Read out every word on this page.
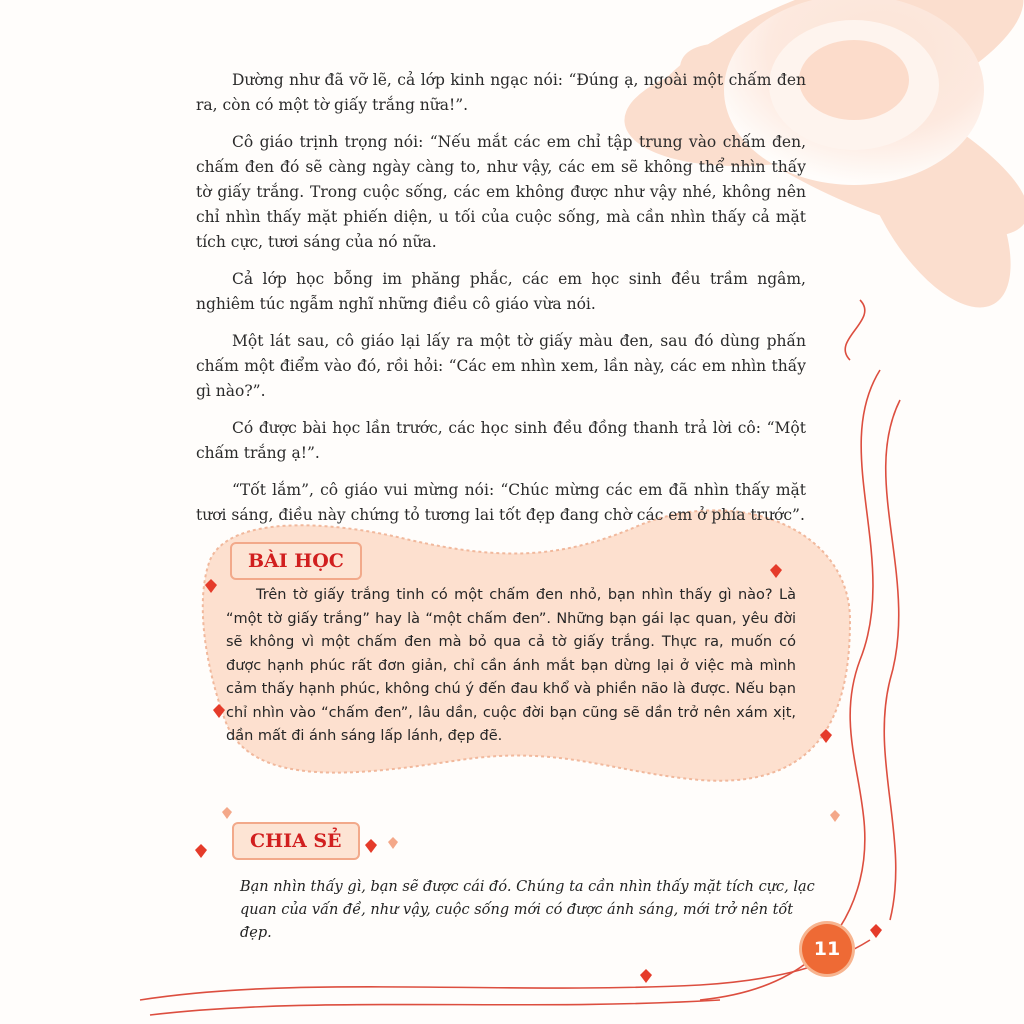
Dường như đã vỡ lẽ, cả lớp kinh ngạc nói: “Đúng ạ, ngoài một chấm đen ra, còn có một tờ giấy trắng nữa!”.

Cô giáo trịnh trọng nói: “Nếu mắt các em chỉ tập trung vào chấm đen, chấm đen đó sẽ càng ngày càng to, như vậy, các em sẽ không thể nhìn thấy tờ giấy trắng. Trong cuộc sống, các em không được như vậy nhé, không nên chỉ nhìn thấy mặt phiến diện, u tối của cuộc sống, mà cần nhìn thấy cả mặt tích cực, tươi sáng của nó nữa.

Cả lớp học bỗng im phăng phắc, các em học sinh đều trầm ngâm, nghiêm túc ngẫm nghĩ những điều cô giáo vừa nói.

Một lát sau, cô giáo lại lấy ra một tờ giấy màu đen, sau đó dùng phấn chấm một điểm vào đó, rồi hỏi: “Các em nhìn xem, lần này, các em nhìn thấy gì nào?”.

Có được bài học lần trước, các học sinh đều đồng thanh trả lời cô: “Một chấm trắng ạ!”.

“Tốt lắm”, cô giáo vui mừng nói: “Chúc mừng các em đã nhìn thấy mặt tươi sáng, điều này chứng tỏ tương lai tốt đẹp đang chờ các em ở phía trước”.

BÀI HỌC

Trên tờ giấy trắng tinh có một chấm đen nhỏ, bạn nhìn thấy gì nào? Là “một tờ giấy trắng” hay là “một chấm đen”. Những bạn gái lạc quan, yêu đời sẽ không vì một chấm đen mà bỏ qua cả tờ giấy trắng. Thực ra, muốn có được hạnh phúc rất đơn giản, chỉ cần ánh mắt bạn dừng lại ở việc mà mình cảm thấy hạnh phúc, không chú ý đến đau khổ và phiền não là được. Nếu bạn chỉ nhìn vào “chấm đen”, lâu dần, cuộc đời bạn cũng sẽ dần trở nên xám xịt, dần mất đi ánh sáng lấp lánh, đẹp đẽ.

CHIA SẺ

Bạn nhìn thấy gì, bạn sẽ được cái đó. Chúng ta cần nhìn thấy mặt tích cực, lạc quan của vấn đề, như vậy, cuộc sống mới có được ánh sáng, mới trở nên tốt đẹp.

11
